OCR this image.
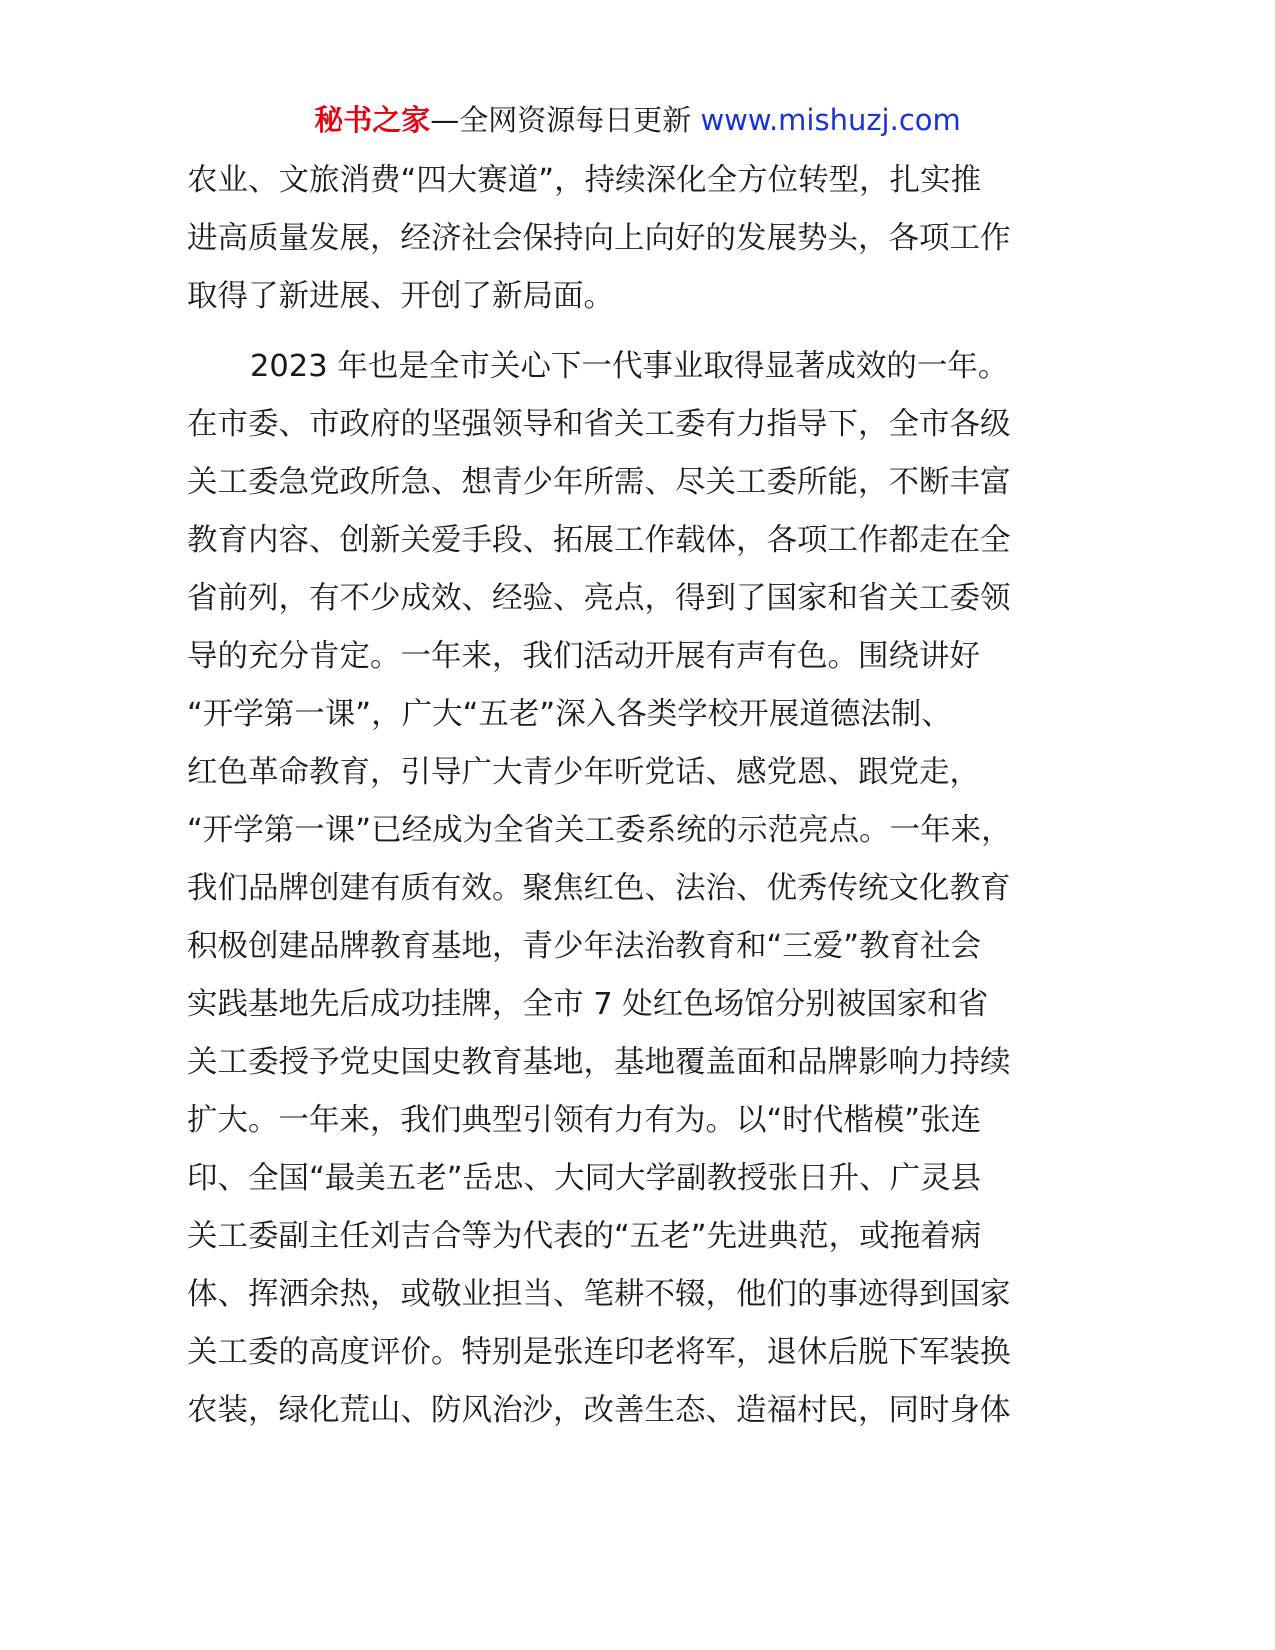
秘书之家—全网资源每日更新 www.mishuzj.com

农业、文旅消费“四大赛道”，持续深化全方位转型，扎实推
进高质量发展，经济社会保持向上向好的发展势头，各项工作
取得了新进展、开创了新局面。

2023 年也是全市关心下一代事业取得显著成效的一年。
在市委、市政府的坚强领导和省关工委有力指导下，全市各级
关工委急党政所急、想青少年所需、尽关工委所能，不断丰富
教育内容、创新关爱手段、拓展工作载体，各项工作都走在全
省前列，有不少成效、经验、亮点，得到了国家和省关工委领
导的充分肯定。一年来，我们活动开展有声有色。围绕讲好
“开学第一课”，广大“五老”深入各类学校开展道德法制、
红色革命教育，引导广大青少年听党话、感党恩、跟党走，
“开学第一课”已经成为全省关工委系统的示范亮点。一年来，
我们品牌创建有质有效。聚焦红色、法治、优秀传统文化教育
积极创建品牌教育基地，青少年法治教育和“三爱”教育社会
实践基地先后成功挂牌，全市 7 处红色场馆分别被国家和省
关工委授予党史国史教育基地，基地覆盖面和品牌影响力持续
扩大。一年来，我们典型引领有力有为。以“时代楷模”张连
印、全国“最美五老”岳忠、大同大学副教授张日升、广灵县
关工委副主任刘吉合等为代表的“五老”先进典范，或拖着病
体、挥洒余热，或敬业担当、笔耕不辍，他们的事迹得到国家
关工委的高度评价。特别是张连印老将军，退休后脱下军装换
农装，绿化荒山、防风治沙，改善生态、造福村民，同时身体
